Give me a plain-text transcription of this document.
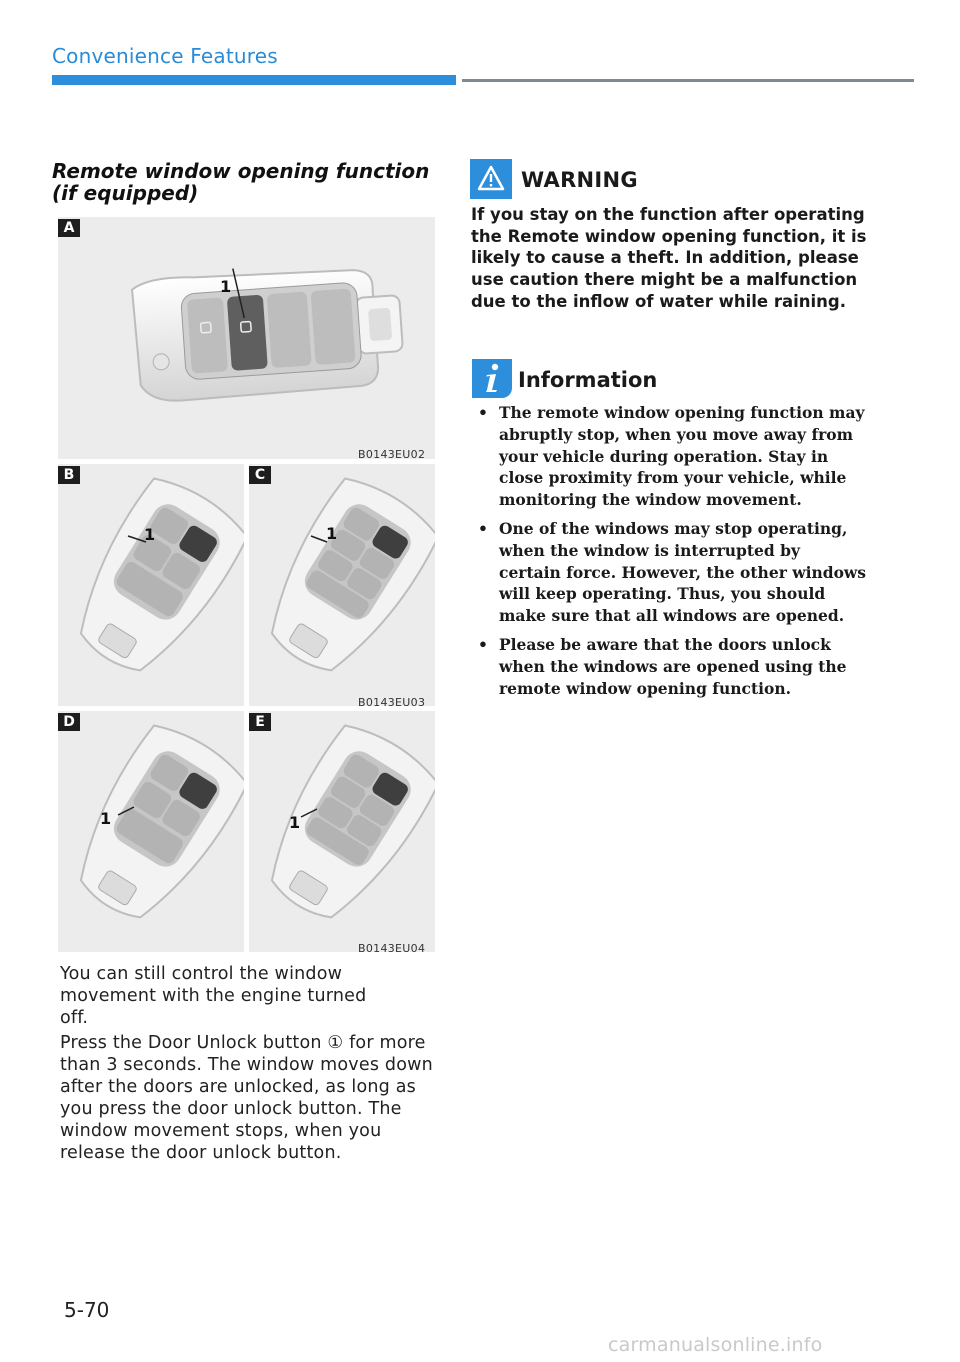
Convenience Features
Remote window opening function (if equipped)
A
1
B0143EU02
B
1
C
1
B0143EU03
D
1
E
1
B0143EU04
You can still control the window movement with the engine turned off.
Press the Door Unlock button ① for more than 3 seconds. The window moves down after the doors are unlocked, as long as you press the door unlock button. The window movement stops, when you release the door unlock button.
WARNING
If you stay on the function after operating the Remote window opening function, it is likely to cause a theft. In addition, please use caution there might be a malfunction due to the inflow of water while raining.
Information
• The remote window opening function may abruptly stop, when you move away from your vehicle during operation. Stay in close proximity from your vehicle, while monitoring the window movement.
• One of the windows may stop operating, when the window is interrupted by certain force. However, the other windows will keep operating. Thus, you should make sure that all windows are opened.
• Please be aware that the doors unlock when the windows are opened using the remote window opening function.
5-70
carmanualsonline.info
